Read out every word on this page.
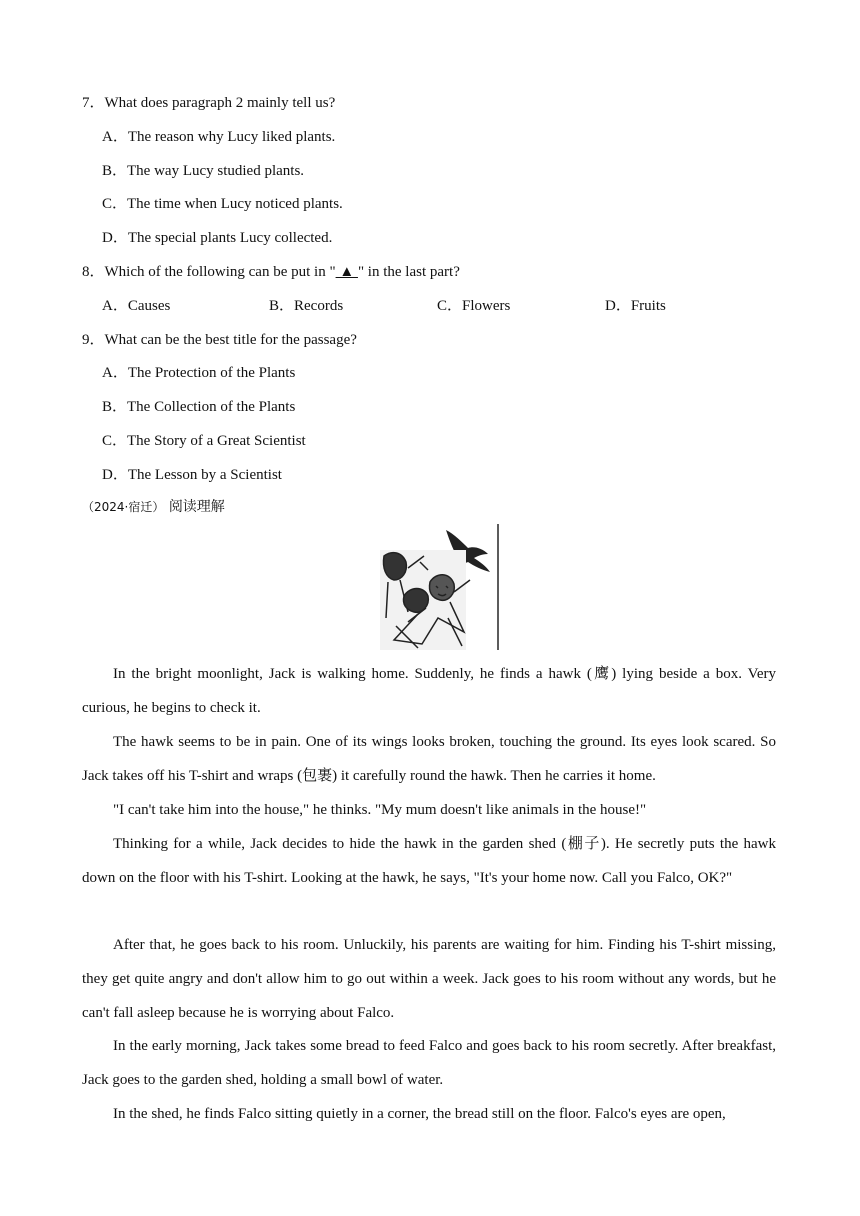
7．What does paragraph 2 mainly tell us?
A．The reason why Lucy liked plants.
B．The way Lucy studied plants.
C．The time when Lucy noticed plants.
D．The special plants Lucy collected.
8．Which of the following can be put in " ▲ " in the last part?
A．Causes	B．Records	C．Flowers	D．Fruits
9．What can be the best title for the passage?
A．The Protection of the Plants
B．The Collection of the Plants
C．The Story of a Great Scientist
D．The Lesson by a Scientist
（2024·宿迁） 阅读理解
In the bright moonlight, Jack is walking home. Suddenly, he finds a hawk (鹰) lying beside a box. Very curious, he begins to check it.
The hawk seems to be in pain. One of its wings looks broken, touching the ground. Its eyes look scared. So Jack takes off his T-shirt and wraps (包裹) it carefully round the hawk. Then he carries it home.
"I can't take him into the house," he thinks. "My mum doesn't like animals in the house!"
Thinking for a while, Jack decides to hide the hawk in the garden shed (棚子). He secretly puts the hawk down on the floor with his T-shirt. Looking at the hawk, he says, "It's your home now. Call you Falco, OK?"
After that, he goes back to his room. Unluckily, his parents are waiting for him. Finding his T-shirt missing, they get quite angry and don't allow him to go out within a week. Jack goes to his room without any words, but he can't fall asleep because he is worrying about Falco.
In the early morning, Jack takes some bread to feed Falco and goes back to his room secretly. After breakfast, Jack goes to the garden shed, holding a small bowl of water.
In the shed, he finds Falco sitting quietly in a corner, the bread still on the floor. Falco's eyes are open,
